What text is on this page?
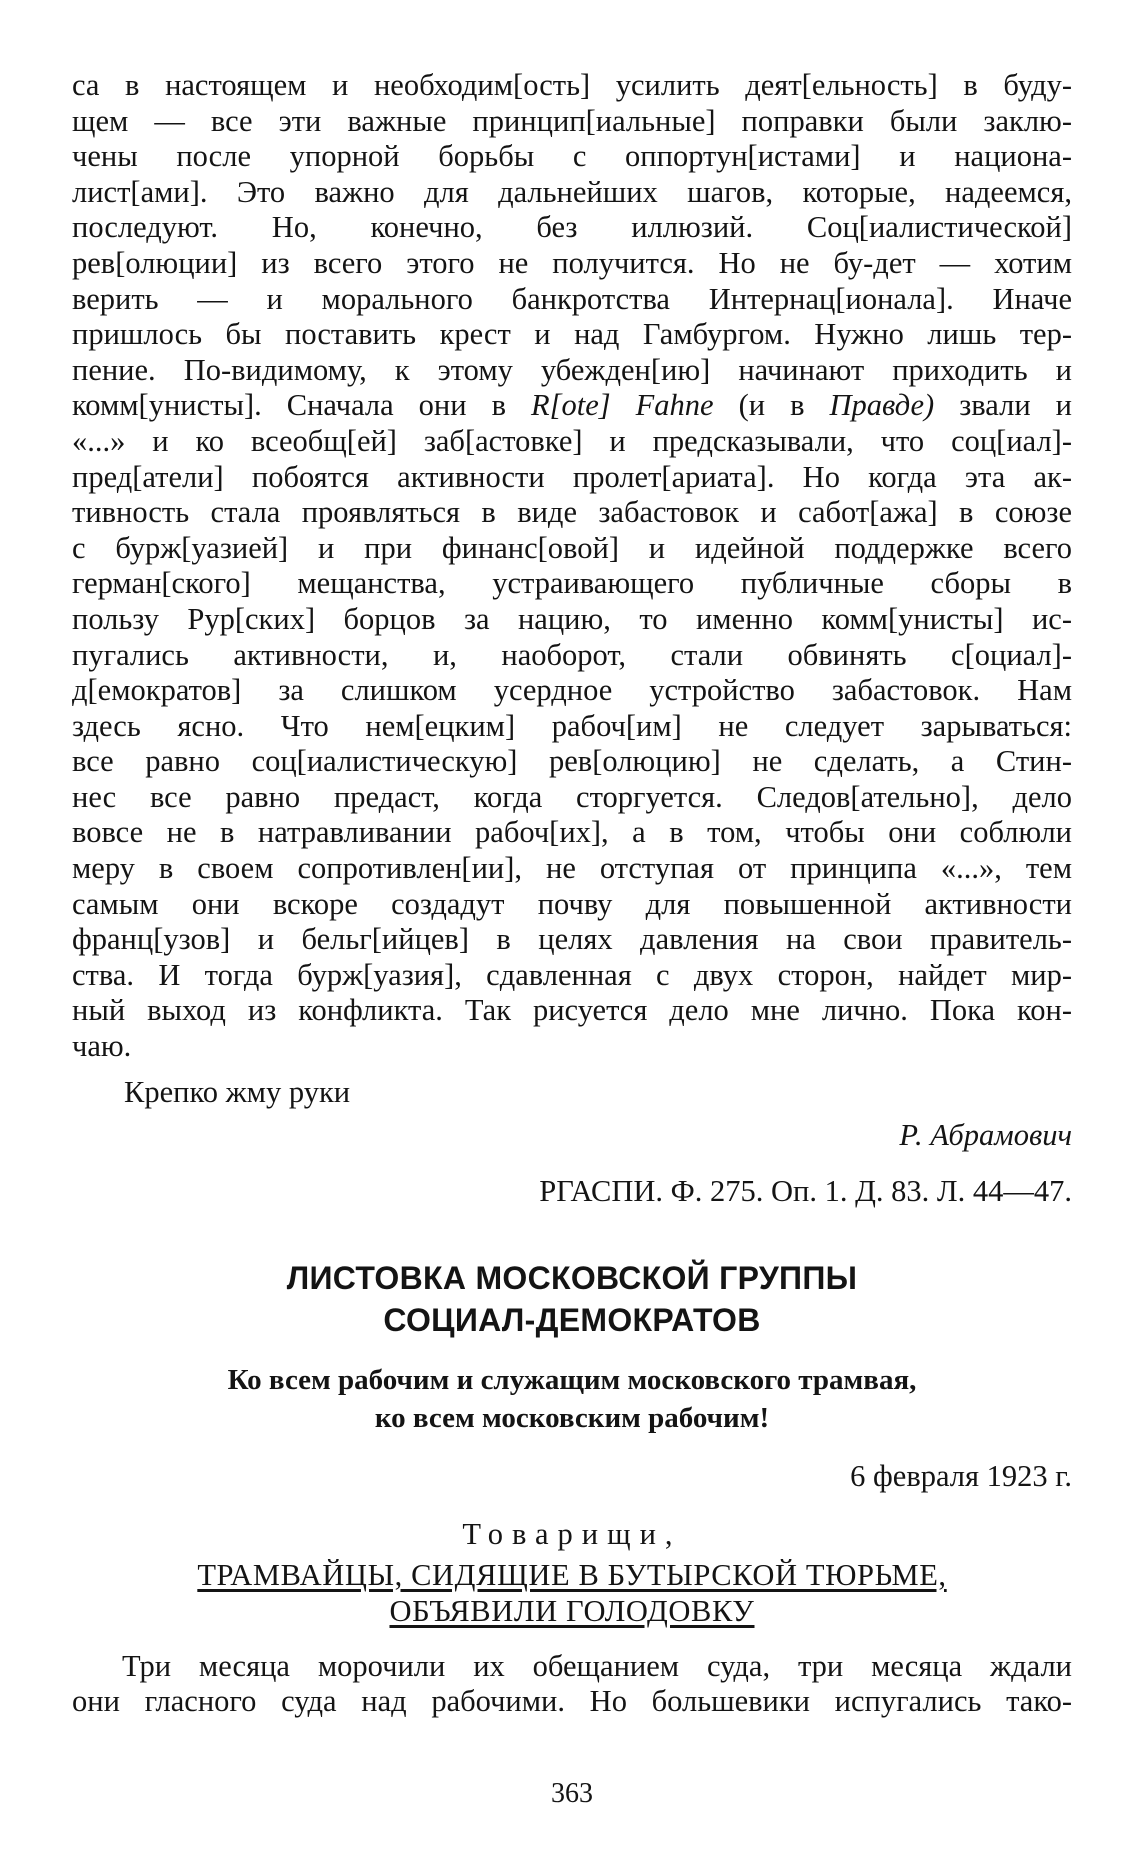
са в настоящем и необходим[ость] усилить деят[ельность] в буду-
щем — все эти важные принцип[иальные] поправки были заклю-
чены после упорной борьбы с оппортун[истами] и национа-
лист[ами]. Это важно для дальнейших шагов, которые, надеемся,
последуют. Но, конечно, без иллюзий. Соц[иалистической]
рев[олюции] из всего этого не получится. Но не бу-дет — хотим
верить — и морального банкротства Интернац[ионала]. Иначе
пришлось бы поставить крест и над Гамбургом. Нужно лишь тер-
пение. По-видимому, к этому убежден[ию] начинают приходить и
комм[унисты]. Сначала они в R[ote] Fahne (и в Правде) звали и
«...» и ко всеобщ[ей] заб[астовке] и предсказывали, что соц[иал]-
пред[атели] побоятся активности пролет[ариата]. Но когда эта ак-
тивность стала проявляться в виде забастовок и сабот[ажа] в союзе
с бурж[уазией] и при финанс[овой] и идейной поддержке всего
герман[ского] мещанства, устраивающего публичные сборы в
пользу Рур[ских] борцов за нацию, то именно комм[унисты] ис-
пугались активности, и, наоборот, стали обвинять с[оциал]-
д[емократов] за слишком усердное устройство забастовок. Нам
здесь ясно. Что нем[ецким] рабоч[им] не следует зарываться:
все равно соц[иалистическую] рев[олюцию] не сделать, а Стин-
нес все равно предаст, когда сторгуется. Следов[ательно], дело
вовсе не в натравливании рабоч[их], а в том, чтобы они соблюли
меру в своем сопротивлен[ии], не отступая от принципа «...», тем
самым они вскоре создадут почву для повышенной активности
франц[узов] и бельг[ийцев] в целях давления на свои правитель-
ства. И тогда бурж[уазия], сдавленная с двух сторон, найдет мир-
ный выход из конфликта. Так рисуется дело мне лично. Пока кон-
чаю.
Крепко жму руки
Р. Абрамович
РГАСПИ. Ф. 275. Оп. 1. Д. 83. Л. 44—47.
ЛИСТОВКА МОСКОВСКОЙ ГРУППЫ
СОЦИАЛ-ДЕМОКРАТОВ
Ко всем рабочим и служащим московского трамвая,
ко всем московским рабочим!
6 февраля 1923 г.
Товарищи,
ТРАМВАЙЦЫ, СИДЯЩИЕ В БУТЫРСКОЙ ТЮРЬМЕ,
ОБЪЯВИЛИ ГОЛОДОВКУ
Три месяца морочили их обещанием суда, три месяца ждали
они гласного суда над рабочими. Но большевики испугались тако-
363
